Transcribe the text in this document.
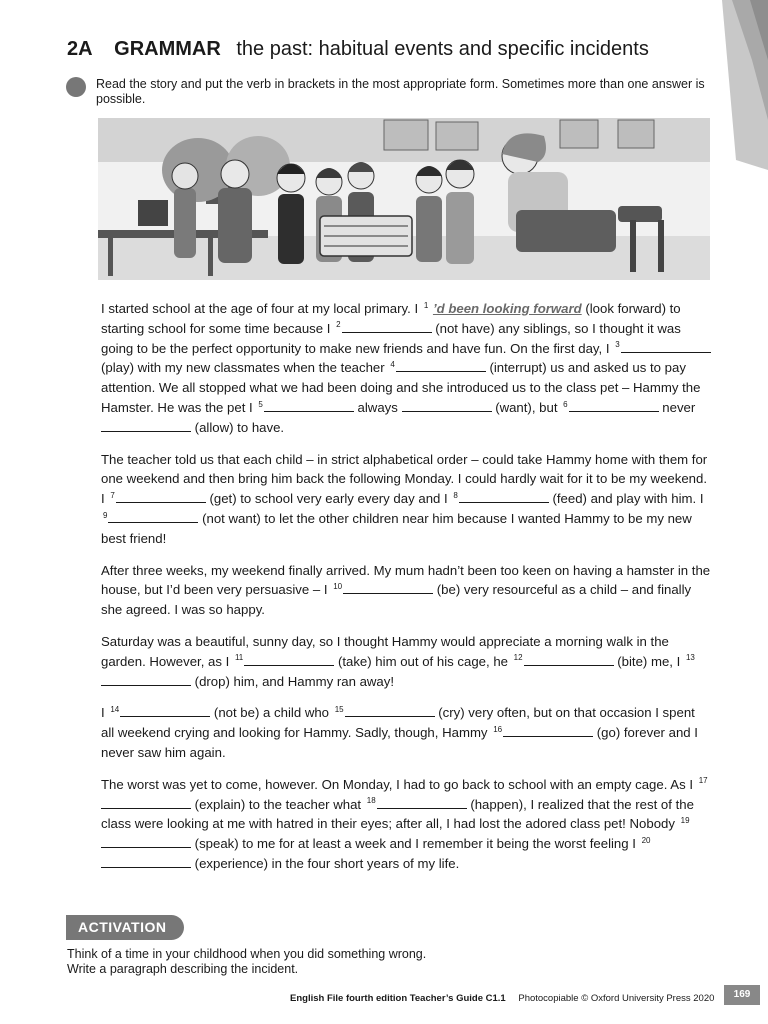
2A GRAMMAR the past: habitual events and specific incidents
Read the story and put the verb in brackets in the most appropriate form. Sometimes more than one answer is possible.

I started school at the age of four at my local primary. I $^1$ ’d been looking forward (look forward) to starting school for some time because I $^2$	(not have) any siblings, so I thought it was going to be the perfect opportunity to make new friends and have fun. On the first day, I $^3$ (play) with my new classmates when the teacher $^4$	(interrupt) us and asked us to pay attention. We all stopped what we had been doing and she introduced us to the class pet – Hammy the Hamster. He was the pet I $^5$	always	(want), but $^6$	never  (allow) to have.

The teacher told us that each child – in strict alphabetical order – could take Hammy home with them for one weekend and then bring him back the following Monday. I could hardly wait for it to be my weekend. I $^7$	(get) to school very early every day and I $^8$	(feed) and play with him. I $^9$	(not want) to let the other children near him because I wanted Hammy to be my new best friend!

After three weeks, my weekend finally arrived. My mum hadn’t been too keen on having a hamster in the house, but I’d been very persuasive – I $^{10}$	(be) very resourceful as a child – and finally she agreed. I was so happy.

Saturday was a beautiful, sunny day, so I thought Hammy would appreciate a morning walk in the garden. However, as I $^{11}$	(take) him out of his cage, he $^{12}$	(bite) me, I $^{13}$ (drop) him, and Hammy ran away!

I $^{14}$	(not be) a child who $^{15}$	(cry) very often, but on that occasion I spent all weekend crying and looking for Hammy. Sadly, though, Hammy $^{16}$	(go) forever and I never saw him again.

The worst was yet to come, however. On Monday, I had to go back to school with an empty cage. As I $^{17}$ (explain) to the teacher what $^{18}$	(happen), I realized that the rest of the class were looking at me with hatred in their eyes; after all, I had lost the adored class pet! Nobody $^{19}$ (speak) to me for at least a week and I remember it being the worst feeling I $^{20}$ (experience) in the four short years of my life.

ACTIVATION
Think of a time in your childhood when you did something wrong.
Write a paragraph describing the incident.
English File fourth edition Teacher’s Guide C1.1 Photocopiable © Oxford University Press 2020	169
